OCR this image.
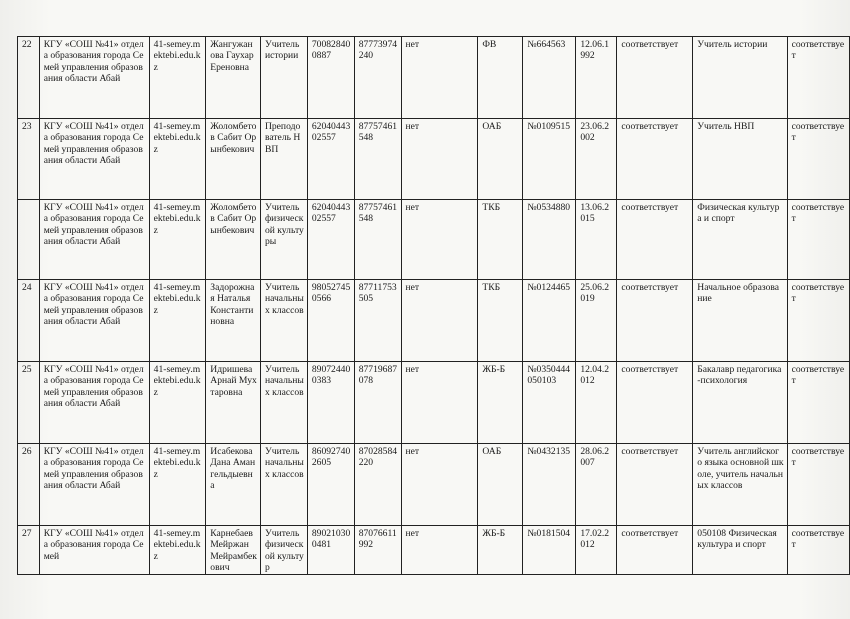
22	КГУ «СОШ №41» отдела образования города Семей управления образования области Абай	41-semey.mektebi.edu.kz	Жангужанова Гаухар Ереновна	Учитель истории	700828400887	87773974240	нет	ФВ	№664563	12.06.1992	соответствует	Учитель истории	соответствует
23	КГУ «СОШ №41» отдела образования города Семей управления образования области Абай	41-semey.mektebi.edu.kz	Жоломбетов Сабит Орынбекович	Преподователь НВП	6204044302557	87757461548	нет	ОАБ	№0109515	23.06.2002	соответствует	Учитель НВП	соответствует
	КГУ «СОШ №41» отдела образования города Семей управления образования области Абай	41-semey.mektebi.edu.kz	Жоломбетов Сабит Орынбекович	Учитель физической культуры	6204044302557	87757461548	нет	ТКБ	№0534880	13.06.2015	соответствует	Физическая культура и спорт	соответствует
24	КГУ «СОШ №41» отдела образования города Семей управления образования области Абай	41-semey.mektebi.edu.kz	Задорожная Наталья Константиновна	Учитель начальных классов	980527450566	87711753505	нет	ТКБ	№0124465	25.06.2019	соответствует	Начальное образование	соответствует
25	КГУ «СОШ №41» отдела образования города Семей управления образования области Абай	41-semey.mektebi.edu.kz	Идришева Арнай Мухтаровна	Учитель начальных классов	890724400383	87719687078	нет	ЖБ-Б	№0350444 050103	12.04.2012	соответствует	Бакалавр педагогика-психология	соответствует
26	КГУ «СОШ №41» отдела образования города Семей управления образования области Абай	41-semey.mektebi.edu.kz	Исабекова Дана Амангельдыевна	Учитель начальных классов	860927402605	87028584220	нет	ОАБ	№0432135	28.06.2007	соответствует	Учитель английского языка основной школе, учитель начальных классов	соответствует
27	КГУ «СОШ №41» отдела образования города Семей	41-semey.mektebi.edu.kz	Карнебаев Мейржан Мейрамбекович	Учитель физической культур	890210300481	87076611992	нет	ЖБ-Б	№0181504	17.02.2012	соответствует	050108 Физическая культура и спорт	соответствует
